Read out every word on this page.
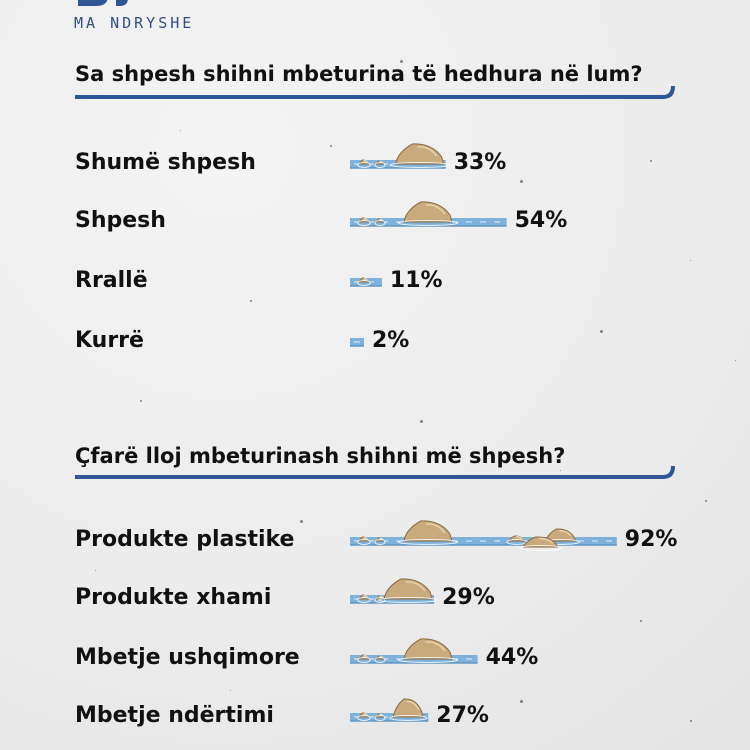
MA NDRYSHE
Sa shpesh shihni mbeturina të hedhura në lum?
Shumë shpesh	33%
Shpesh	54%
Rrallë	11%
Kurrë	2%
Çfarë lloj mbeturinash shihni më shpesh?
Produkte plastike	92%
Produkte xhami	29%
Mbetje ushqimore	44%
Mbetje ndërtimi	27%
